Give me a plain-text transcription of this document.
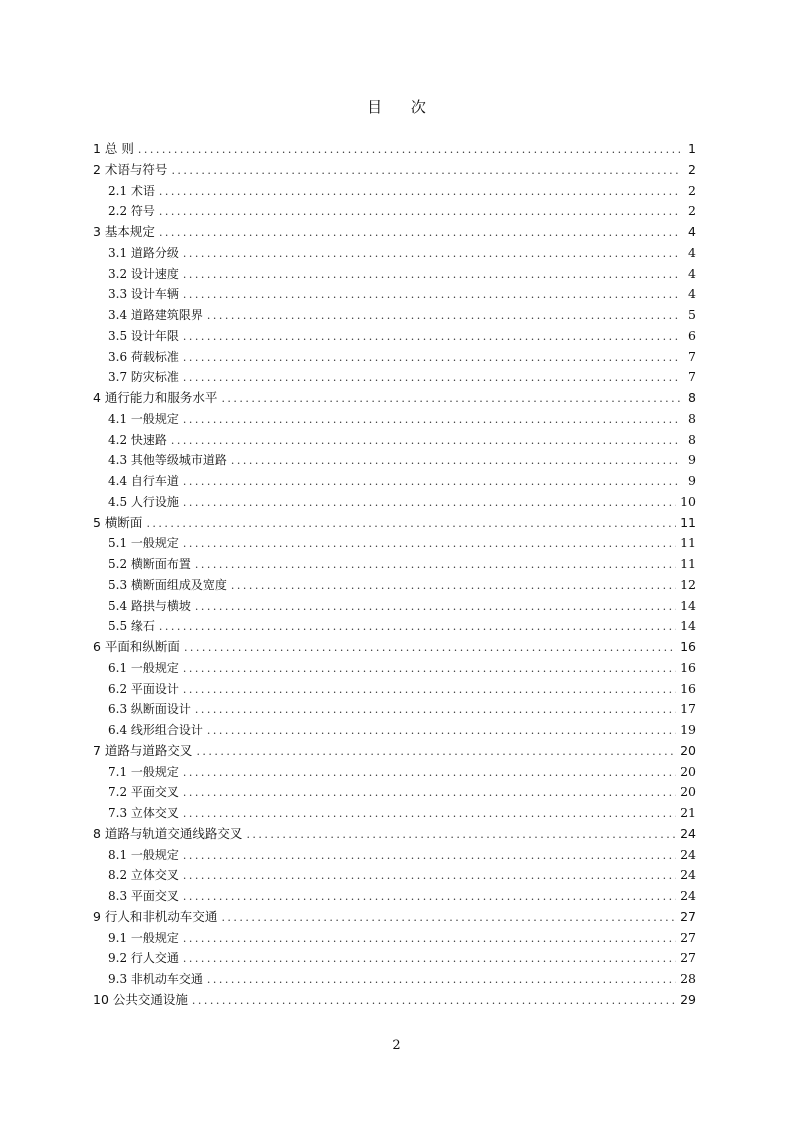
目 次
1 总 则 .....	1
2 术语与符号 .....	2
2.1 术语 .....	2
2.2 符号 .....	2
3 基本规定 .....	4
3.1 道路分级 .....	4
3.2 设计速度 .....	4
3.3 设计车辆 .....	4
3.4 道路建筑限界 .....	5
3.5 设计年限 .....	6
3.6 荷载标准 .....	7
3.7 防灾标准 .....	7
4 通行能力和服务水平 .....	8
4.1 一般规定 .....	8
4.2 快速路 .....	8
4.3 其他等级城市道路 .....	9
4.4 自行车道 .....	9
4.5 人行设施 .....	10
5 横断面 .....	11
5.1 一般规定 .....	11
5.2 横断面布置 .....	11
5.3 横断面组成及宽度 .....	12
5.4 路拱与横坡 .....	14
5.5 缘石 .....	14
6 平面和纵断面 .....	16
6.1 一般规定 .....	16
6.2 平面设计 .....	16
6.3 纵断面设计 .....	17
6.4 线形组合设计 .....	19
7 道路与道路交叉 .....	20
7.1 一般规定 .....	20
7.2 平面交叉 .....	20
7.3 立体交叉 .....	21
8 道路与轨道交通线路交叉 .....	24
8.1 一般规定 .....	24
8.2 立体交叉 .....	24
8.3 平面交叉 .....	24
9 行人和非机动车交通 .....	27
9.1 一般规定 .....	27
9.2 行人交通 .....	27
9.3 非机动车交通 .....	28
10 公共交通设施 .....	29
2
